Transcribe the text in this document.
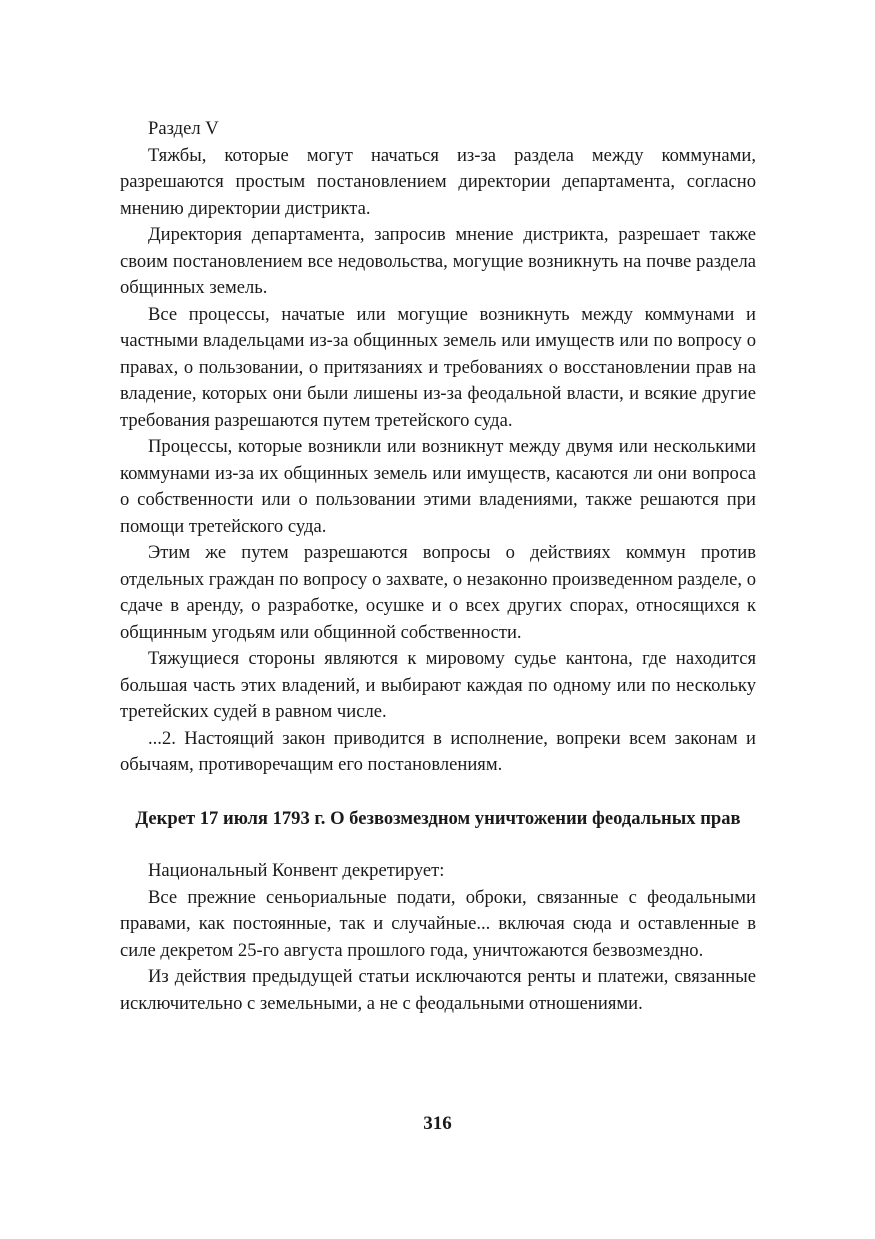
Раздел V

Тяжбы, которые могут начаться из-за раздела между коммунами, разрешаются простым постановлением директории департамента, согласно мнению директории дистрикта.

Директория департамента, запросив мнение дистрикта, разрешает также своим постановлением все недовольства, могущие возникнуть на почве раздела общинных земель.

Все процессы, начатые или могущие возникнуть между коммунами и частными владельцами из-за общинных земель или имуществ или по вопросу о правах, о пользовании, о притязаниях и требованиях о восстановлении прав на владение, которых они были лишены из-за феодальной власти, и всякие другие требования разрешаются путем третейского суда.

Процессы, которые возникли или возникнут между двумя или несколькими коммунами из-за их общинных земель или имуществ, касаются ли они вопроса о собственности или о пользовании этими владениями, также решаются при помощи третейского суда.

Этим же путем разрешаются вопросы о действиях коммун против отдельных граждан по вопросу о захвате, о незаконно произведенном разделе, о сдаче в аренду, о разработке, осушке и о всех других спорах, относящихся к общинным угодьям или общинной собственности.

Тяжущиеся стороны являются к мировому судье кантона, где находится большая часть этих владений, и выбирают каждая по одному или по нескольку третейских судей в равном числе.

...2. Настоящий закон приводится в исполнение, вопреки всем законам и обычаям, противоречащим его постановлениям.

Декрет 17 июля 1793 г. О безвозмездном уничтожении феодальных прав

Национальный Конвент декретирует:

Все прежние сеньориальные подати, оброки, связанные с феодальными правами, как постоянные, так и случайные... включая сюда и оставленные в силе декретом 25-го августа прошлого года, уничтожаются безвозмездно.

Из действия предыдущей статьи исключаются ренты и платежи, связанные исключительно с земельными, а не с феодальными отношениями.

316
